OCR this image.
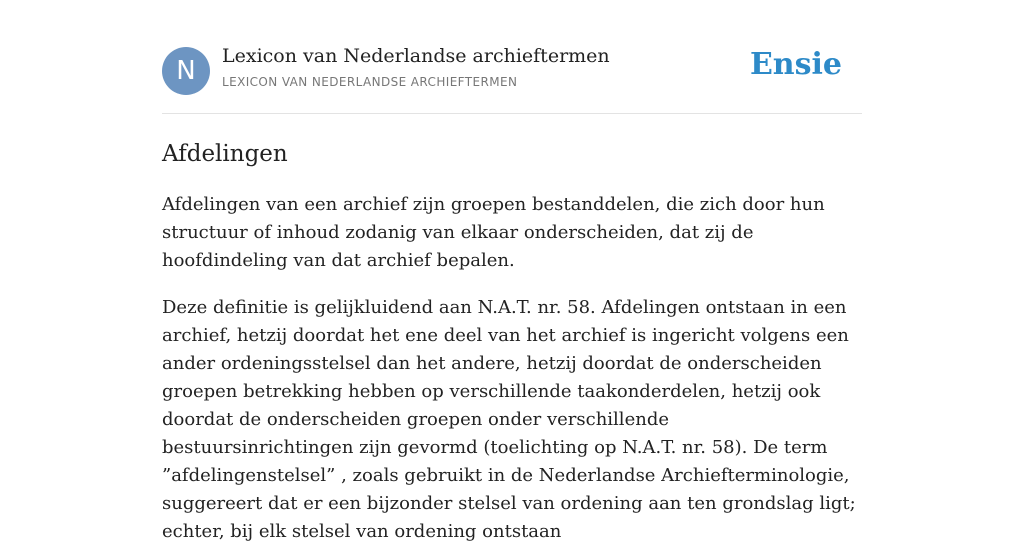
N	Lexicon van Nederlandse archieftermen
LEXICON VAN NEDERLANDSE ARCHIEFTERMEN	Ensie
Afdelingen

Afdelingen van een archief zijn groepen bestanddelen, die zich door hun structuur of inhoud zodanig van elkaar onderscheiden, dat zij de hoofdindeling van dat archief bepalen.

Deze definitie is gelijkluidend aan N.A.T. nr. 58. Afdelingen ontstaan in een archief, hetzij doordat het ene deel van het archief is ingericht volgens een ander ordeningsstelsel dan het andere, hetzij doordat de onderscheiden groepen betrekking hebben op verschillende taakonderdelen, hetzij ook doordat de onderscheiden groepen onder verschillende bestuursinrichtingen zijn gevormd (toelichting op N.A.T. nr. 58). De term ”afdelingenstelsel” , zoals gebruikt in de Nederlandse Archiefterminologie, suggereert dat er een bijzonder stelsel van ordening aan ten grondslag ligt; echter, bij elk stelsel van ordening ontstaan
